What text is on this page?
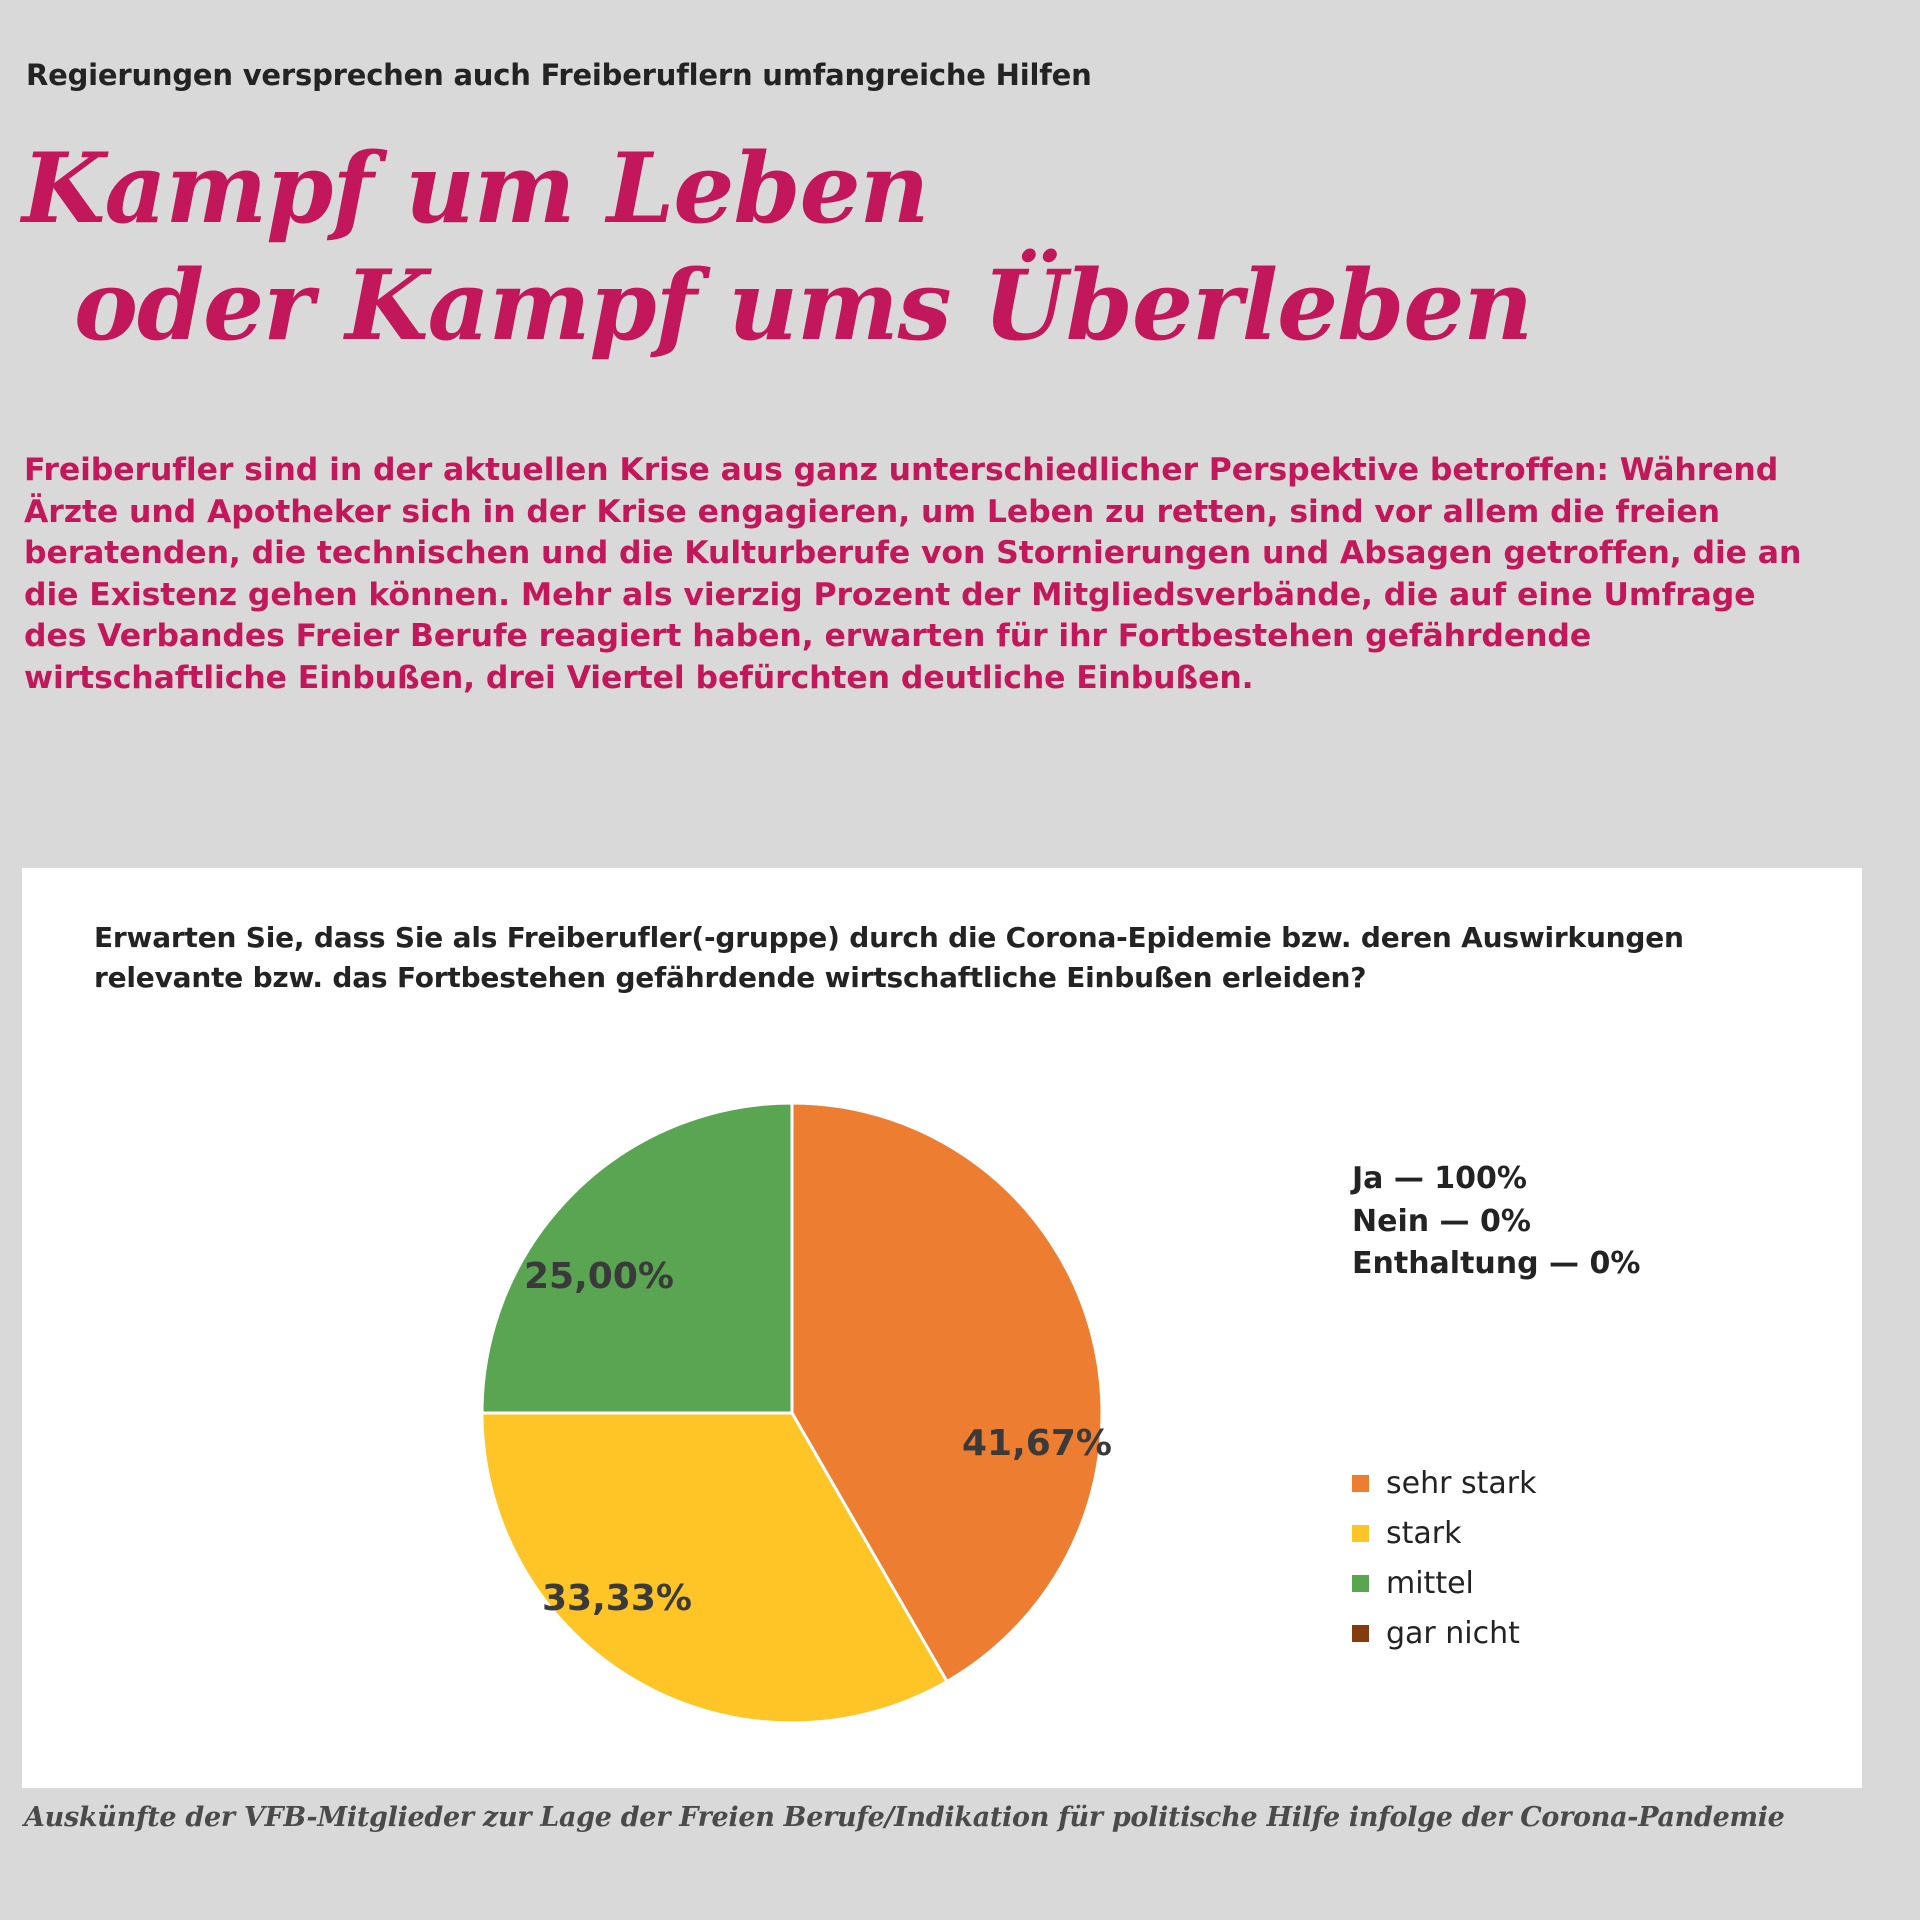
Regierungen versprechen auch Freiberuflern umfangreiche Hilfen
Kampf um Leben
oder Kampf ums Überleben
Freiberufler sind in der aktuellen Krise aus ganz unterschiedlicher Perspektive betroffen: Während Ärzte und Apotheker sich in der Krise engagieren, um Leben zu retten, sind vor allem die freien beratenden, die technischen und die Kulturberufe von Stornierungen und Absagen getroffen, die an die Existenz gehen können. Mehr als vierzig Prozent der Mitgliedsverbände, die auf eine Umfrage des Verbandes Freier Berufe reagiert haben, erwarten für ihr Fortbestehen gefährdende wirtschaftliche Einbußen, drei Viertel befürchten deutliche Einbußen.
Erwarten Sie, dass Sie als Freiberufler(-gruppe) durch die Corona-Epidemie bzw. deren Auswirkungen relevante bzw. das Fortbestehen gefährdende wirtschaftliche Einbußen erleiden?
41,67%
33,33%
25,00%
Ja — 100%
Nein — 0%
Enthaltung — 0%
sehr stark
stark
mittel
gar nicht
Auskünfte der VFB-Mitglieder zur Lage der Freien Berufe/Indikation für politische Hilfe infolge der Corona-Pandemie
